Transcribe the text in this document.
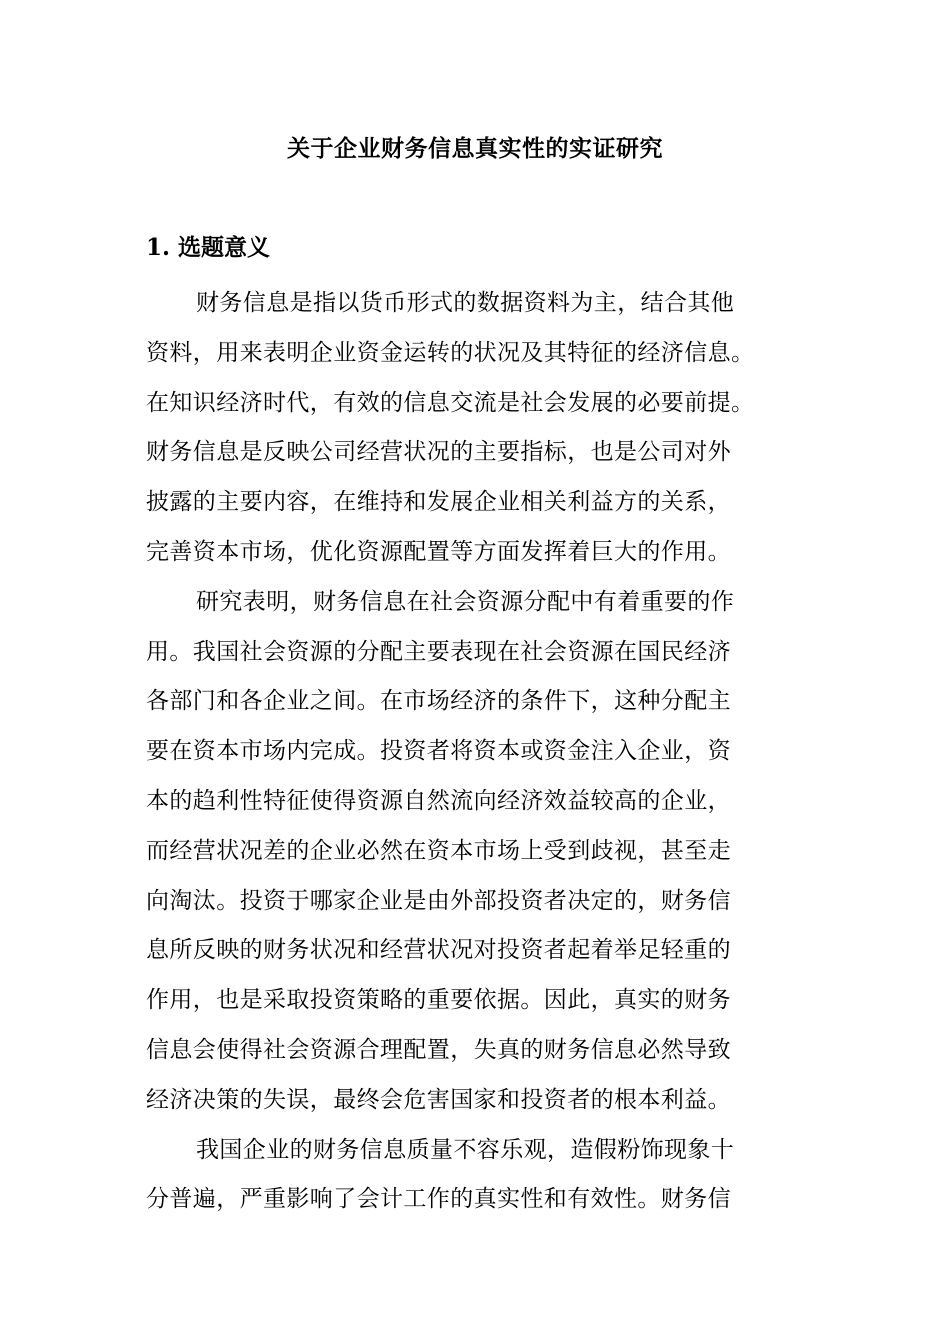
关于企业财务信息真实性的实证研究
1. 选题意义
财务信息是指以货币形式的数据资料为主，结合其他
资料，用来表明企业资金运转的状况及其特征的经济信息。
在知识经济时代，有效的信息交流是社会发展的必要前提。
财务信息是反映公司经营状况的主要指标，也是公司对外
披露的主要内容，在维持和发展企业相关利益方的关系，
完善资本市场，优化资源配置等方面发挥着巨大的作用。
研究表明，财务信息在社会资源分配中有着重要的作
用。我国社会资源的分配主要表现在社会资源在国民经济
各部门和各企业之间。在市场经济的条件下，这种分配主
要在资本市场内完成。投资者将资本或资金注入企业，资
本的趋利性特征使得资源自然流向经济效益较高的企业，
而经营状况差的企业必然在资本市场上受到歧视，甚至走
向淘汰。投资于哪家企业是由外部投资者决定的，财务信
息所反映的财务状况和经营状况对投资者起着举足轻重的
作用，也是采取投资策略的重要依据。因此，真实的财务
信息会使得社会资源合理配置，失真的财务信息必然导致
经济决策的失误，最终会危害国家和投资者的根本利益。
我国企业的财务信息质量不容乐观，造假粉饰现象十
分普遍，严重影响了会计工作的真实性和有效性。财务信
